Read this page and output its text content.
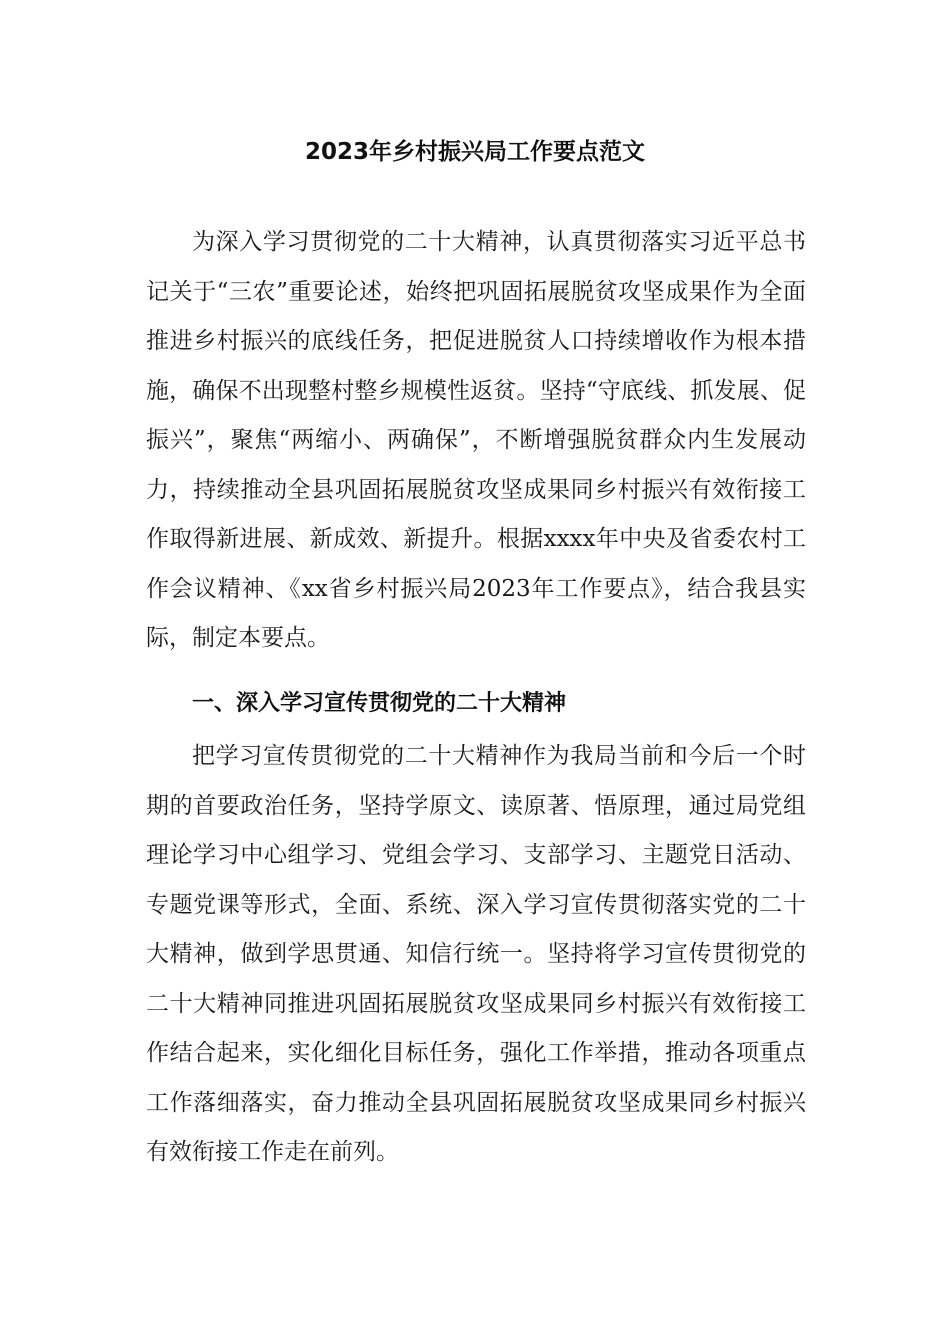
2023年乡村振兴局工作要点范文

为深入学习贯彻党的二十大精神，认真贯彻落实习近平总书记关于“三农”重要论述，始终把巩固拓展脱贫攻坚成果作为全面推进乡村振兴的底线任务，把促进脱贫人口持续增收作为根本措施，确保不出现整村整乡规模性返贫。坚持“守底线、抓发展、促振兴”，聚焦“两缩小、两确保”，不断增强脱贫群众内生发展动力，持续推动全县巩固拓展脱贫攻坚成果同乡村振兴有效衔接工作取得新进展、新成效、新提升。根据xxxx年中央及省委农村工作会议精神、《xx省乡村振兴局2023年工作要点》，结合我县实际，制定本要点。

一、深入学习宣传贯彻党的二十大精神

把学习宣传贯彻党的二十大精神作为我局当前和今后一个时期的首要政治任务，坚持学原文、读原著、悟原理，通过局党组理论学习中心组学习、党组会学习、支部学习、主题党日活动、专题党课等形式，全面、系统、深入学习宣传贯彻落实党的二十大精神，做到学思贯通、知信行统一。坚持将学习宣传贯彻党的二十大精神同推进巩固拓展脱贫攻坚成果同乡村振兴有效衔接工作结合起来，实化细化目标任务，强化工作举措，推动各项重点工作落细落实，奋力推动全县巩固拓展脱贫攻坚成果同乡村振兴有效衔接工作走在前列。
